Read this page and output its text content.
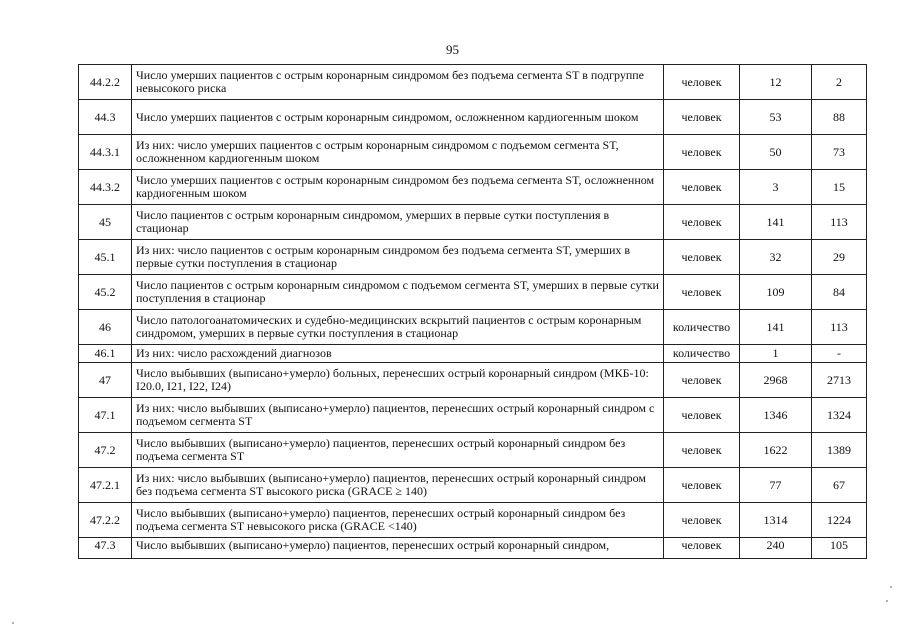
95
44.2.2	Число умерших пациентов с острым коронарным синдромом без подъема сегмента ST в подгруппе невысокого риска	человек	12	2
44.3	Число умерших пациентов с острым коронарным синдромом, осложненном кардиогенным шоком	человек	53	88
44.3.1	Из них: число умерших пациентов с острым коронарным синдромом с подъемом сегмента ST, осложненном кардиогенным шоком	человек	50	73
44.3.2	Число умерших пациентов с острым коронарным синдромом без подъема сегмента ST, осложненном кардиогенным шоком	человек	3	15
45	Число пациентов с острым коронарным синдромом, умерших в первые сутки поступления в стационар	человек	141	113
45.1	Из них: число пациентов с острым коронарным синдромом без подъема сегмента ST, умерших в первые сутки поступления в стационар	человек	32	29
45.2	Число пациентов с острым коронарным синдромом с подъемом сегмента ST, умерших в первые сутки поступления в стационар	человек	109	84
46	Число патологоанатомических и судебно-медицинских вскрытий пациентов с острым коронарным синдромом, умерших в первые сутки поступления в стационар	количество	141	113
46.1	Из них: число расхождений диагнозов	количество	1	-
47	Число выбывших (выписано+умерло) больных, перенесших острый коронарный синдром (МКБ-10: I20.0, I21, I22, I24)	человек	2968	2713
47.1	Из них: число выбывших (выписано+умерло) пациентов, перенесших острый коронарный синдром с подъемом сегмента ST	человек	1346	1324
47.2	Число выбывших (выписано+умерло) пациентов, перенесших острый коронарный синдром без подъема сегмента ST	человек	1622	1389
47.2.1	Из них: число выбывших (выписано+умерло) пациентов, перенесших острый коронарный синдром без подъема сегмента ST высокого риска (GRACE ≥ 140)	человек	77	67
47.2.2	Число выбывших (выписано+умерло) пациентов, перенесших острый коронарный синдром без подъема сегмента ST невысокого риска (GRACE <140)	человек	1314	1224
47.3	Число выбывших (выписано+умерло) пациентов, перенесших острый коронарный синдром,	человек	240	105
